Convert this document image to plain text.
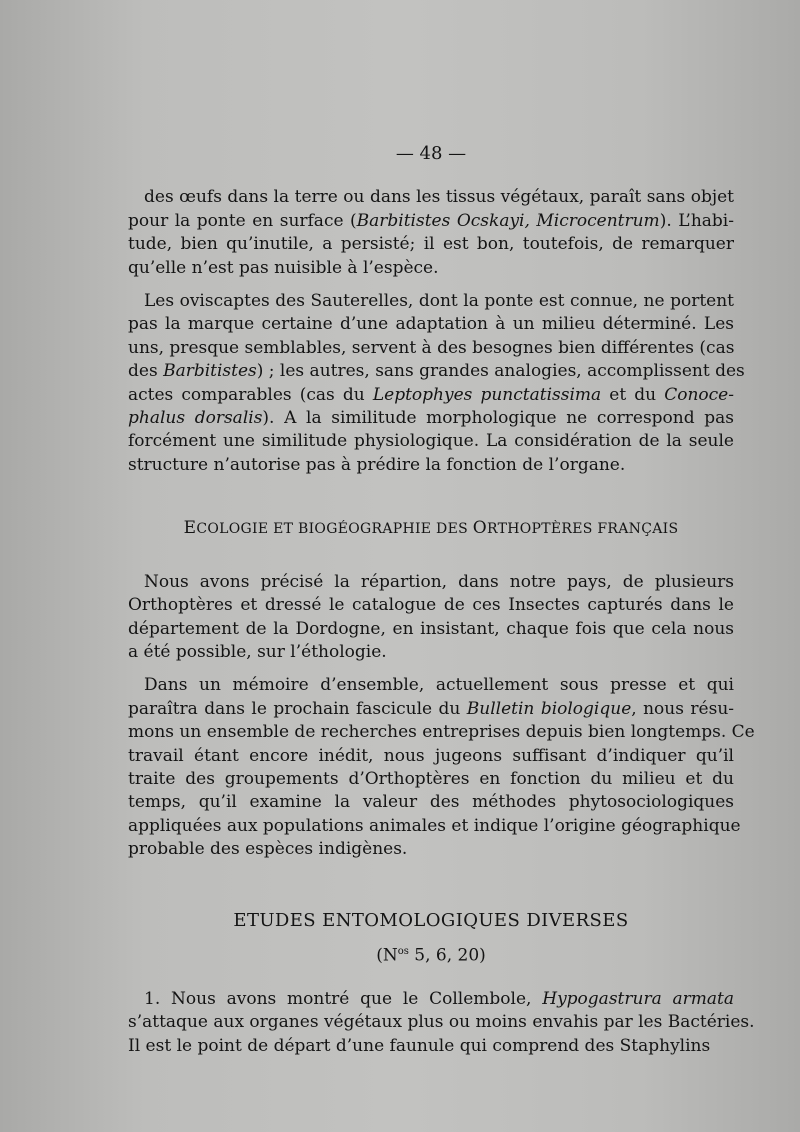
— 48 —

des œufs dans la terre ou dans les tissus végétaux, paraît sans objet
pour la ponte en surface (Barbitistes Ocskayi, Microcentrum). L’habi-
tude, bien qu’inutile, a persisté; il est bon, toutefois, de remarquer
qu’elle n’est pas nuisible à l’espèce.

Les oviscaptes des Sauterelles, dont la ponte est connue, ne portent
pas la marque certaine d’une adaptation à un milieu déterminé. Les
uns, presque semblables, servent à des besognes bien différentes (cas
des Barbitistes) ; les autres, sans grandes analogies, accomplissent des
actes comparables (cas du Leptophyes punctatissima et du Conoce-
phalus dorsalis). A la similitude morphologique ne correspond pas
forcément une similitude physiologique. La considération de la seule
structure n’autorise pas à prédire la fonction de l’organe.

ECOLOGIE ET BIOGÉOGRAPHIE DES ORTHOPTÈRES FRANÇAIS

Nous avons précisé la répartion, dans notre pays, de plusieurs
Orthoptères et dressé le catalogue de ces Insectes capturés dans le
département de la Dordogne, en insistant, chaque fois que cela nous
a été possible, sur l’éthologie.

Dans un mémoire d’ensemble, actuellement sous presse et qui
paraîtra dans le prochain fascicule du Bulletin biologique, nous résu-
mons un ensemble de recherches entreprises depuis bien longtemps. Ce
travail étant encore inédit, nous jugeons suffisant d’indiquer qu’il
traite des groupements d’Orthoptères en fonction du milieu et du
temps, qu’il examine la valeur des méthodes phytosociologiques
appliquées aux populations animales et indique l’origine géographique
probable des espèces indigènes.

ETUDES ENTOMOLOGIQUES DIVERSES
($N^{os}$ 5, 6, 20)

1. Nous avons montré que le Collembole, Hypogastrura armata
s’attaque aux organes végétaux plus ou moins envahis par les Bactéries.
Il est le point de départ d’une faunule qui comprend des Staphylins
